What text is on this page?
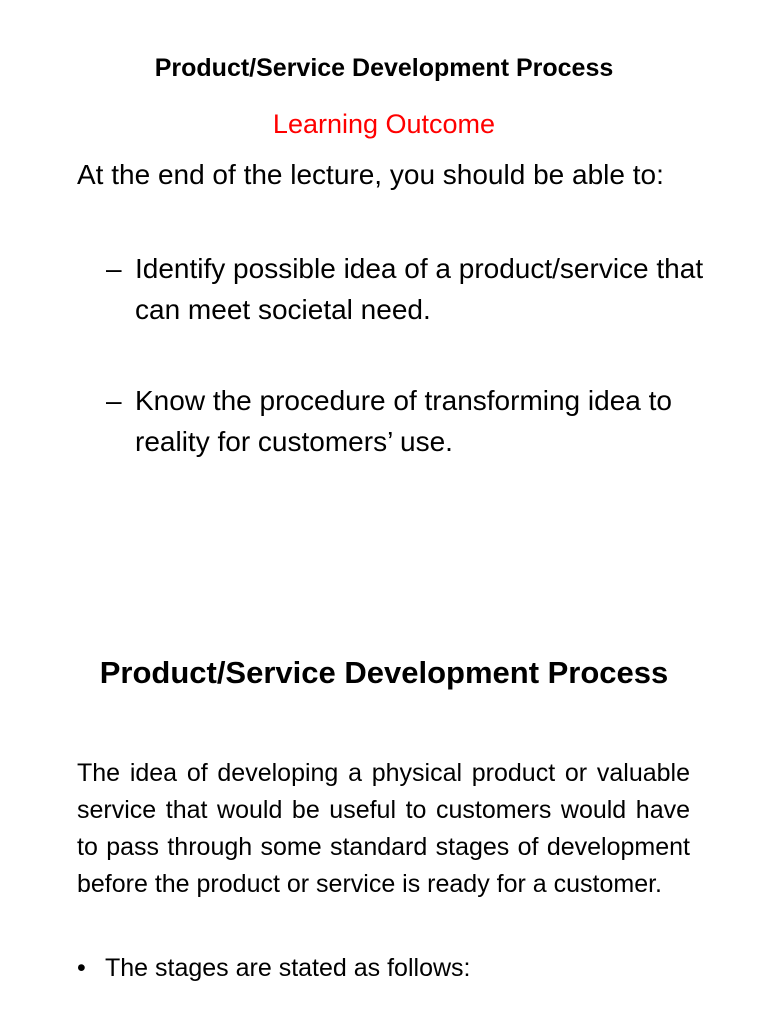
Product/Service Development Process
Learning Outcome
At the end of the lecture, you should be able to:
– Identify possible idea of a product/service that can meet societal need.
– Know the procedure of transforming idea to reality for customers’ use.
Product/Service Development Process
The idea of developing a physical product or valuable service that would be useful to customers would have to pass through some standard stages of development before the product or service is ready for a customer.
• The stages are stated as follows:
